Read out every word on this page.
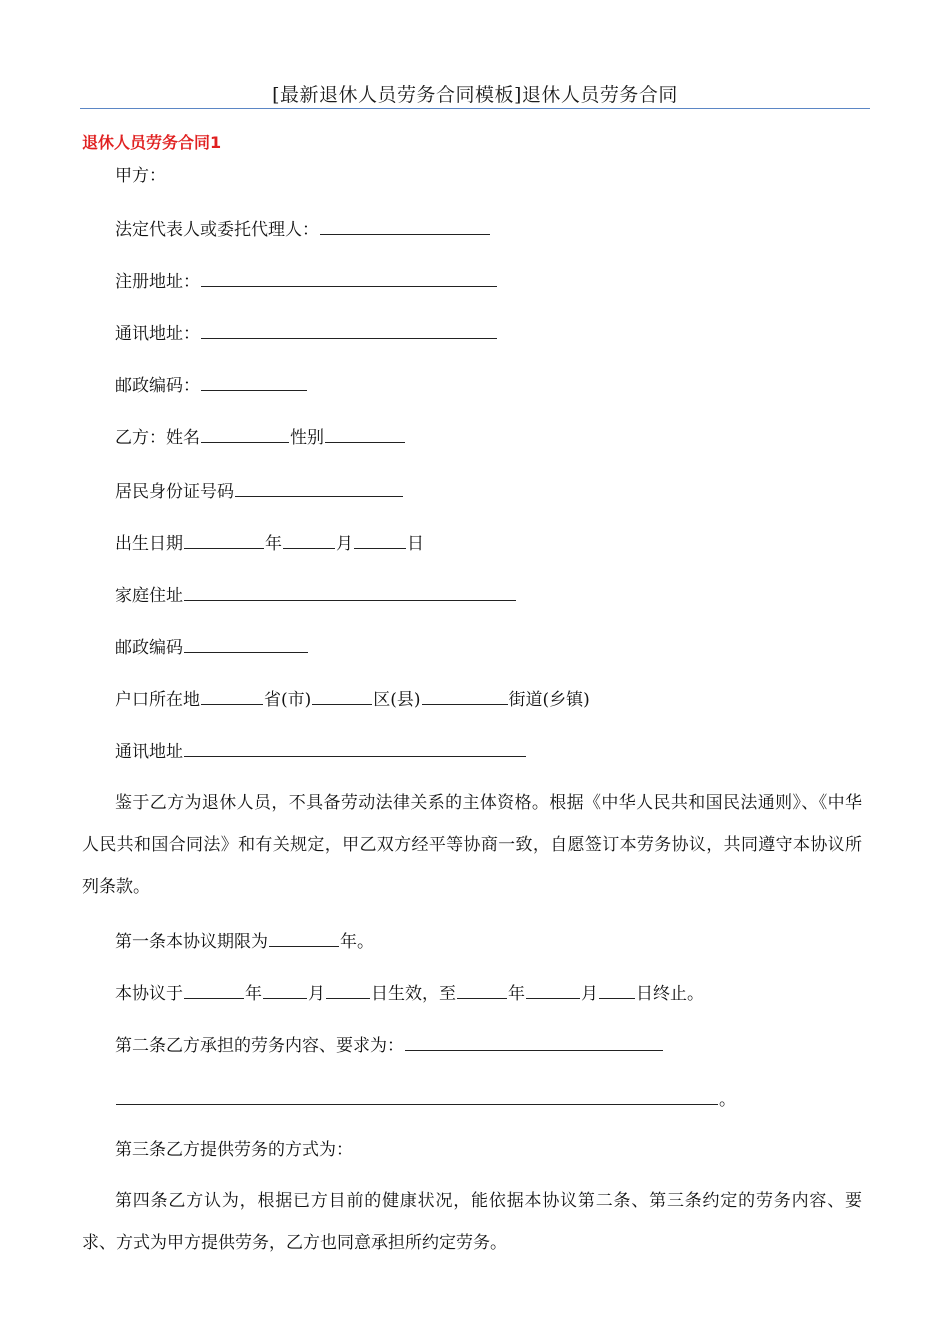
[最新退休人员劳务合同模板]退休人员劳务合同
退休人员劳务合同1
甲方：
法定代表人或委托代理人：
注册地址：
通讯地址：
邮政编码：
乙方：姓名	性别
居民身份证号码
出生日期	年	月	日
家庭住址
邮政编码
户口所在地	省(市)	区(县)	街道(乡镇)
通讯地址
鉴于乙方为退休人员，不具备劳动法律关系的主体资格。根据《中华人民共和国民法通则》、《中华人民共和国合同法》和有关规定，甲乙双方经平等协商一致，自愿签订本劳务协议，共同遵守本协议所列条款。
第一条本协议期限为	年。
本协议于	年	月	日生效，至	年	月 日终止。
第二条乙方承担的劳务内容、要求为：
。
第三条乙方提供劳务的方式为：
第四条乙方认为，根据已方目前的健康状况，能依据本协议第二条、第三条约定的劳务内容、要求、方式为甲方提供劳务，乙方也同意承担所约定劳务。
